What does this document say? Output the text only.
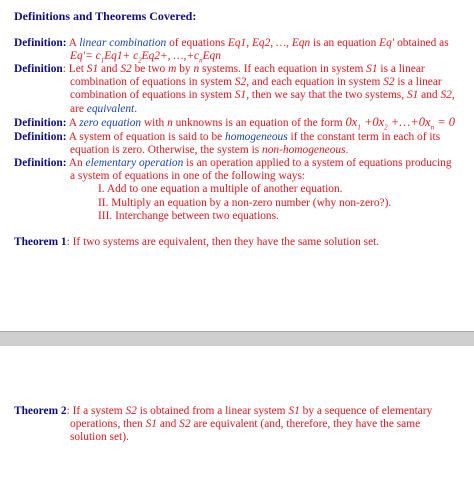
Definitions and Theorems Covered:
Definition: A linear combination of equations Eq1, Eq2, …, Eqn is an equation Eq' obtained as
$Eq'= c_1Eq1+ c_2Eq2+$, $\dots,+c_nEqn$
Definition: Let S1 and S2 be two m by n systems. If each equation in system S1 is a linear
combination of equations in system S2, and each equation in system S2 is a linear
combination of equations in system S1, then we say that the two systems, S1 and S2,
are equivalent.
Definition: A zero equation with n unknowns is an equation of the form $0x_1 +0x_2$ $+\dots+0x_n = 0$
Definition: A system of equation is said to be homogeneous if the constant term in each of its
equation is zero. Otherwise, the system is non-homogeneous.
Definition: An elementary operation is an operation applied to a system of equations producing
a system of equations in one of the following ways:
I. Add to one equation a multiple of another equation.
II. Multiply an equation by a non-zero number (why non-zero?).
III. Interchange between two equations.
Theorem 1: If two systems are equivalent, then they have the same solution set.
Theorem 2: If a system S2 is obtained from a linear system S1 by a sequence of elementary
operations, then S1 and S2 are equivalent (and, therefore, they have the same
solution set).
